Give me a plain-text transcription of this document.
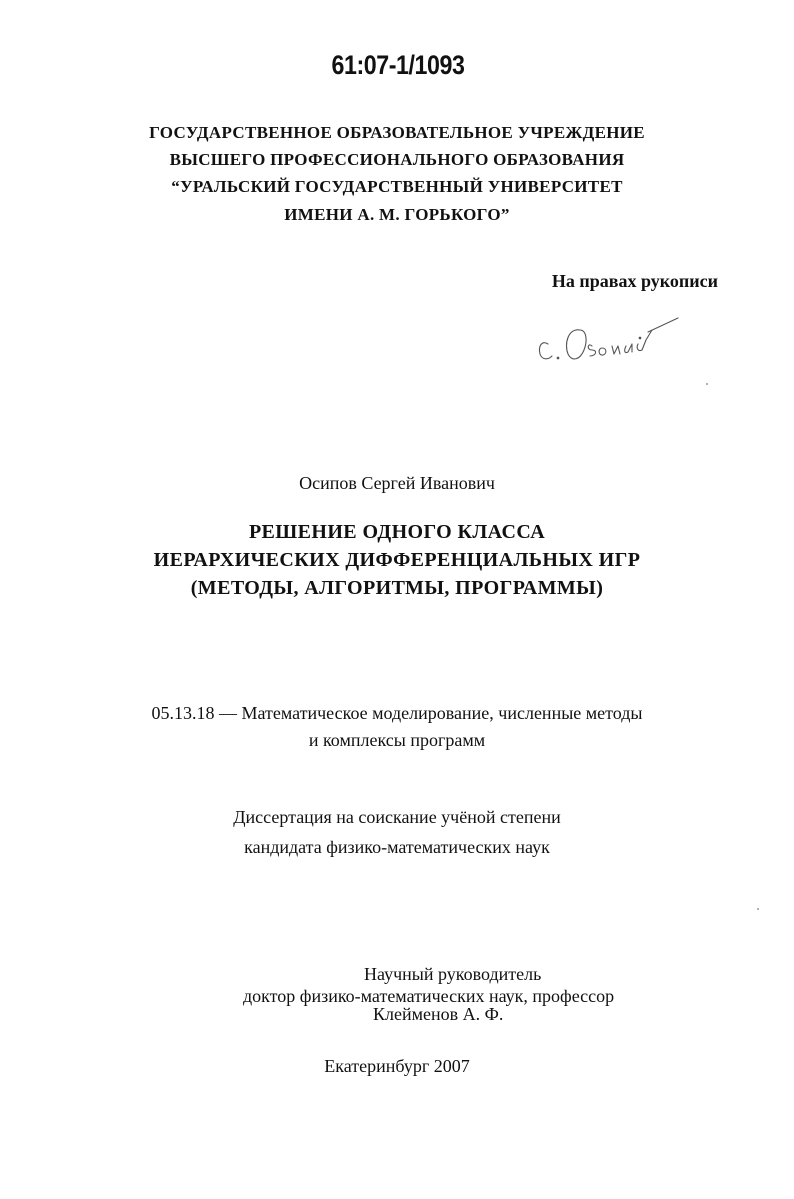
61:07-1/1093
ГОСУДАРСТВЕННОЕ ОБРАЗОВАТЕЛЬНОЕ УЧРЕЖДЕНИЕ
ВЫСШЕГО ПРОФЕССИОНАЛЬНОГО ОБРАЗОВАНИЯ
“УРАЛЬСКИЙ ГОСУДАРСТВЕННЫЙ УНИВЕРСИТЕТ
ИМЕНИ А. М. ГОРЬКОГО”
На правах рукописи
Осипов Сергей Иванович
РЕШЕНИЕ ОДНОГО КЛАССА
ИЕРАРХИЧЕСКИХ ДИФФЕРЕНЦИАЛЬНЫХ ИГР
(МЕТОДЫ, АЛГОРИТМЫ, ПРОГРАММЫ)
05.13.18 — Математическое моделирование, численные методы
и комплексы программ
Диссертация на соискание учёной степени
кандидата физико-математических наук
Научный руководитель
доктор физико-математических наук, профессор
Клейменов А. Ф.
Екатеринбург 2007
